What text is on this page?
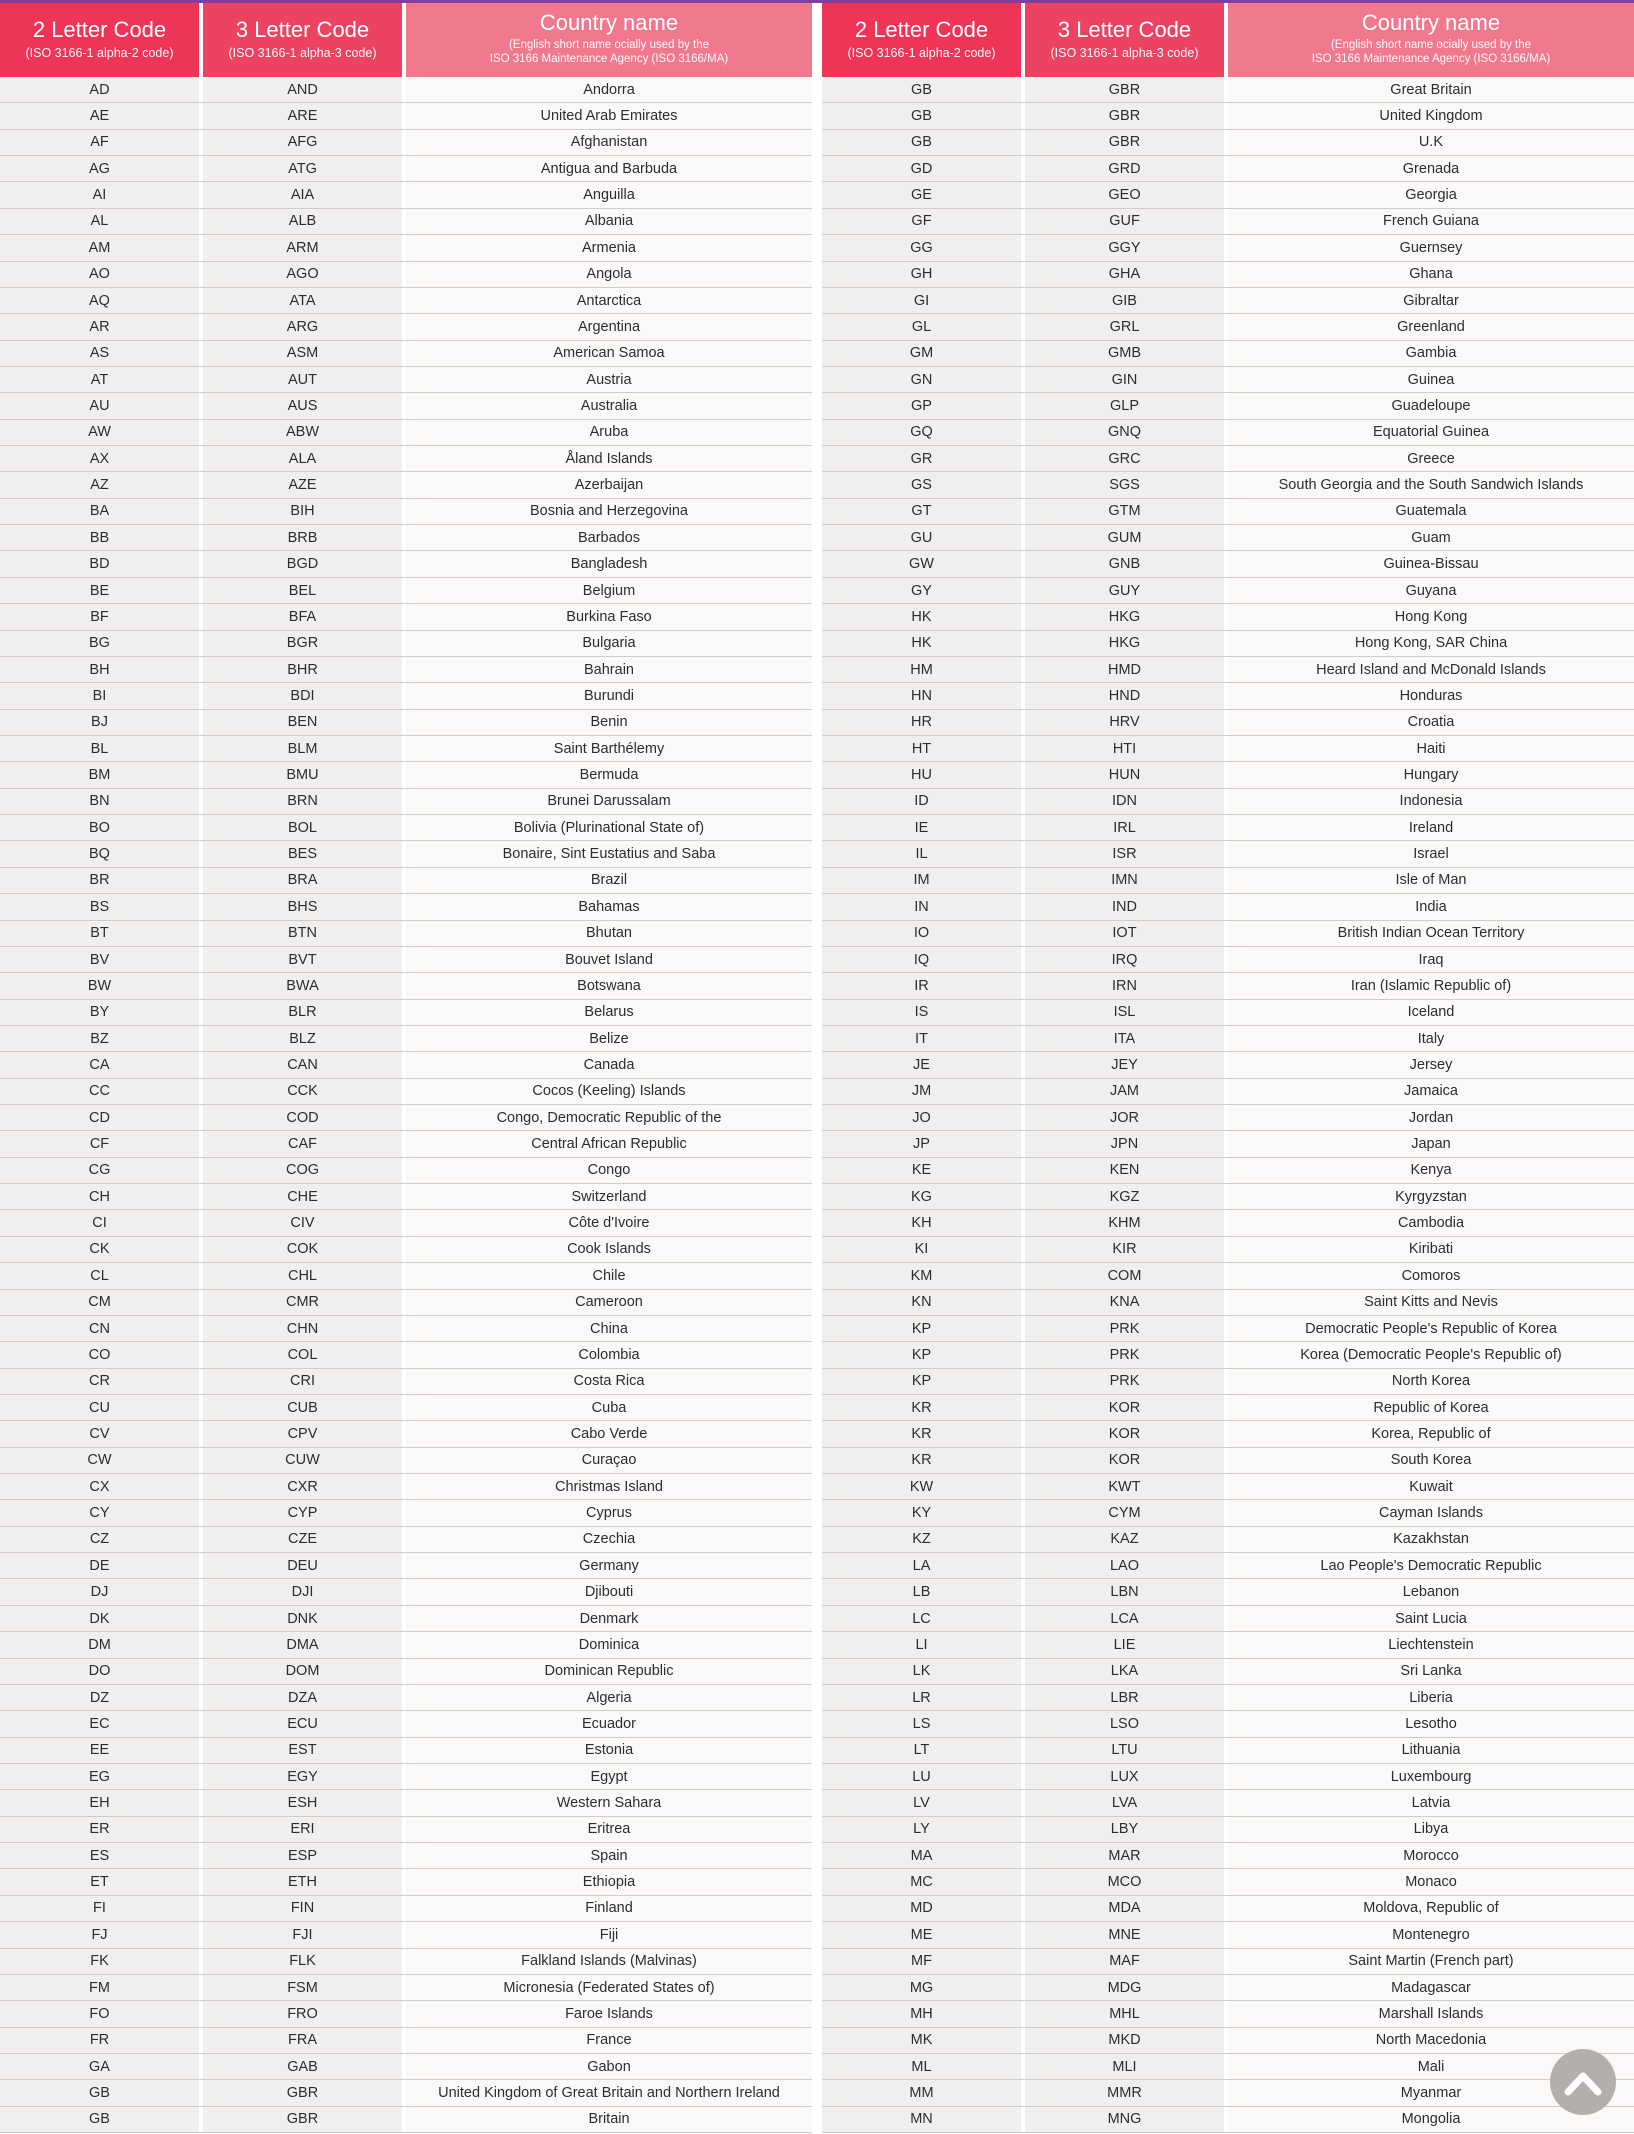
2 Letter Code
(ISO 3166-1 alpha-2 code)
3 Letter Code
(ISO 3166-1 alpha-3 code)
Country name
(English short name ocially used by the
ISO 3166 Maintenance Agency (ISO 3166/MA)
AD	AND	Andorra
AE	ARE	United Arab Emirates
AF	AFG	Afghanistan
AG	ATG	Antigua and Barbuda
AI	AIA	Anguilla
AL	ALB	Albania
AM	ARM	Armenia
AO	AGO	Angola
AQ	ATA	Antarctica
AR	ARG	Argentina
AS	ASM	American Samoa
AT	AUT	Austria
AU	AUS	Australia
AW	ABW	Aruba
AX	ALA	Åland Islands
AZ	AZE	Azerbaijan
BA	BIH	Bosnia and Herzegovina
BB	BRB	Barbados
BD	BGD	Bangladesh
BE	BEL	Belgium
BF	BFA	Burkina Faso
BG	BGR	Bulgaria
BH	BHR	Bahrain
BI	BDI	Burundi
BJ	BEN	Benin
BL	BLM	Saint Barthélemy
BM	BMU	Bermuda
BN	BRN	Brunei Darussalam
BO	BOL	Bolivia (Plurinational State of)
BQ	BES	Bonaire, Sint Eustatius and Saba
BR	BRA	Brazil
BS	BHS	Bahamas
BT	BTN	Bhutan
BV	BVT	Bouvet Island
BW	BWA	Botswana
BY	BLR	Belarus
BZ	BLZ	Belize
CA	CAN	Canada
CC	CCK	Cocos (Keeling) Islands
CD	COD	Congo, Democratic Republic of the
CF	CAF	Central African Republic
CG	COG	Congo
CH	CHE	Switzerland
CI	CIV	Côte d'Ivoire
CK	COK	Cook Islands
CL	CHL	Chile
CM	CMR	Cameroon
CN	CHN	China
CO	COL	Colombia
CR	CRI	Costa Rica
CU	CUB	Cuba
CV	CPV	Cabo Verde
CW	CUW	Curaçao
CX	CXR	Christmas Island
CY	CYP	Cyprus
CZ	CZE	Czechia
DE	DEU	Germany
DJ	DJI	Djibouti
DK	DNK	Denmark
DM	DMA	Dominica
DO	DOM	Dominican Republic
DZ	DZA	Algeria
EC	ECU	Ecuador
EE	EST	Estonia
EG	EGY	Egypt
EH	ESH	Western Sahara
ER	ERI	Eritrea
ES	ESP	Spain
ET	ETH	Ethiopia
FI	FIN	Finland
FJ	FJI	Fiji
FK	FLK	Falkland Islands (Malvinas)
FM	FSM	Micronesia (Federated States of)
FO	FRO	Faroe Islands
FR	FRA	France
GA	GAB	Gabon
GB	GBR	United Kingdom of Great Britain and Northern Ireland
GB	GBR	Britain
2 Letter Code
(ISO 3166-1 alpha-2 code)
3 Letter Code
(ISO 3166-1 alpha-3 code)
Country name
(English short name ocially used by the
ISO 3166 Maintenance Agency (ISO 3166/MA)
GB	GBR	Great Britain
GB	GBR	United Kingdom
GB	GBR	U.K
GD	GRD	Grenada
GE	GEO	Georgia
GF	GUF	French Guiana
GG	GGY	Guernsey
GH	GHA	Ghana
GI	GIB	Gibraltar
GL	GRL	Greenland
GM	GMB	Gambia
GN	GIN	Guinea
GP	GLP	Guadeloupe
GQ	GNQ	Equatorial Guinea
GR	GRC	Greece
GS	SGS	South Georgia and the South Sandwich Islands
GT	GTM	Guatemala
GU	GUM	Guam
GW	GNB	Guinea-Bissau
GY	GUY	Guyana
HK	HKG	Hong Kong
HK	HKG	Hong Kong, SAR China
HM	HMD	Heard Island and McDonald Islands
HN	HND	Honduras
HR	HRV	Croatia
HT	HTI	Haiti
HU	HUN	Hungary
ID	IDN	Indonesia
IE	IRL	Ireland
IL	ISR	Israel
IM	IMN	Isle of Man
IN	IND	India
IO	IOT	British Indian Ocean Territory
IQ	IRQ	Iraq
IR	IRN	Iran (Islamic Republic of)
IS	ISL	Iceland
IT	ITA	Italy
JE	JEY	Jersey
JM	JAM	Jamaica
JO	JOR	Jordan
JP	JPN	Japan
KE	KEN	Kenya
KG	KGZ	Kyrgyzstan
KH	KHM	Cambodia
KI	KIR	Kiribati
KM	COM	Comoros
KN	KNA	Saint Kitts and Nevis
KP	PRK	Democratic People's Republic of Korea
KP	PRK	Korea (Democratic People's Republic of)
KP	PRK	North Korea
KR	KOR	Republic of Korea
KR	KOR	Korea, Republic of
KR	KOR	South Korea
KW	KWT	Kuwait
KY	CYM	Cayman Islands
KZ	KAZ	Kazakhstan
LA	LAO	Lao People's Democratic Republic
LB	LBN	Lebanon
LC	LCA	Saint Lucia
LI	LIE	Liechtenstein
LK	LKA	Sri Lanka
LR	LBR	Liberia
LS	LSO	Lesotho
LT	LTU	Lithuania
LU	LUX	Luxembourg
LV	LVA	Latvia
LY	LBY	Libya
MA	MAR	Morocco
MC	MCO	Monaco
MD	MDA	Moldova, Republic of
ME	MNE	Montenegro
MF	MAF	Saint Martin (French part)
MG	MDG	Madagascar
MH	MHL	Marshall Islands
MK	MKD	North Macedonia
ML	MLI	Mali
MM	MMR	Myanmar
MN	MNG	Mongolia
